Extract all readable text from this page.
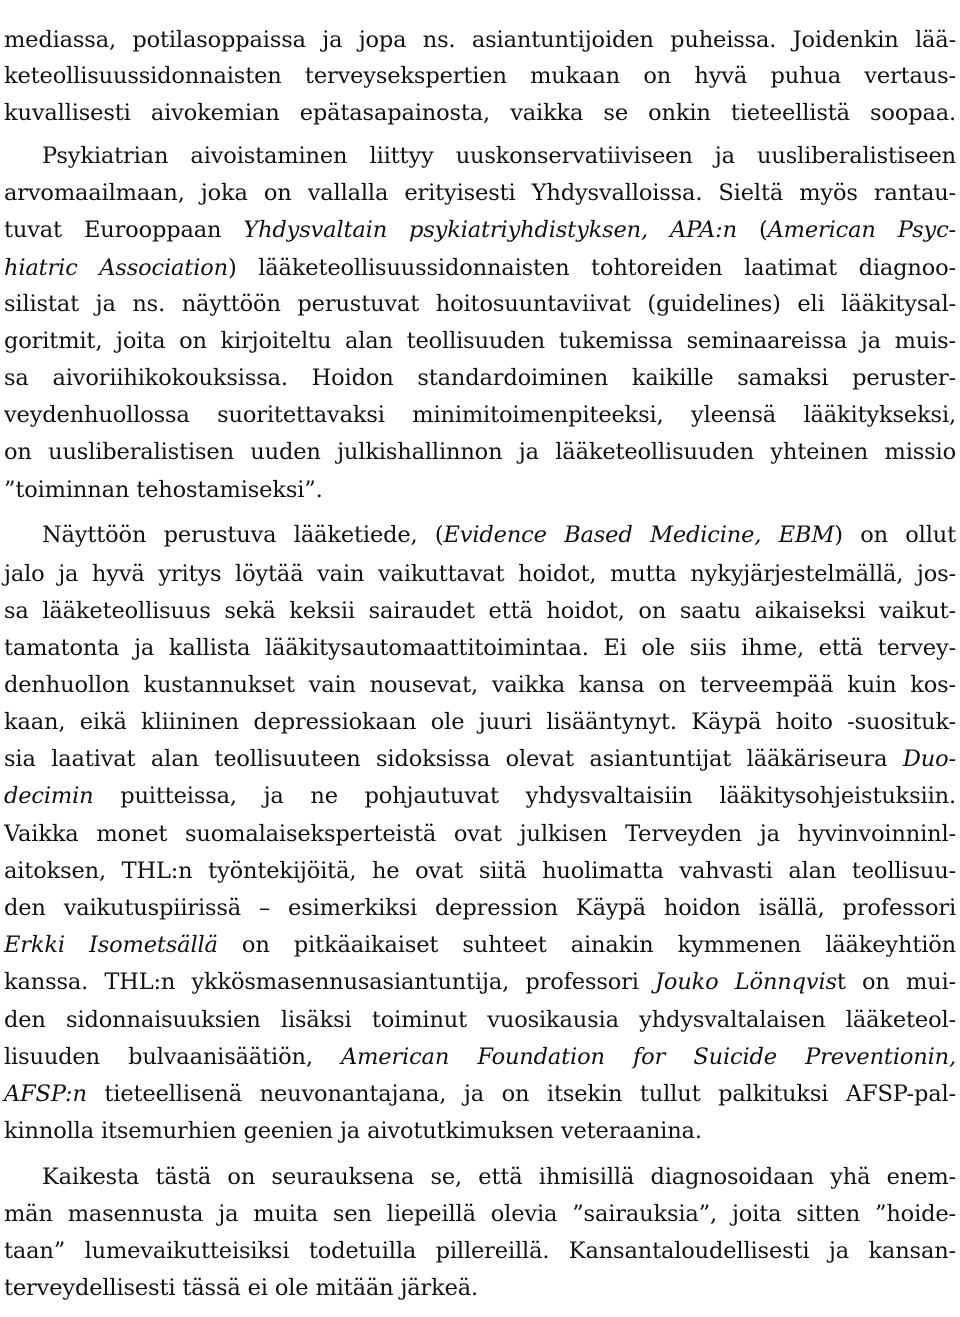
mediassa, potilasoppaissa ja jopa ns. asiantuntijoiden puheissa. Joidenkin lää-
keteollisuussidonnaisten terveysekspertien mukaan on hyvä puhua vertaus-
kuvallisesti aivokemian epätasapainosta, vaikka se onkin tieteellistä soopaa.
Psykiatrian aivoistaminen liittyy uuskonservatiiviseen ja uusliberalistiseen
arvomaailmaan, joka on vallalla erityisesti Yhdysvalloissa. Sieltä myös rantau-
tuvat Eurooppaan Yhdysvaltain psykiatriyhdistyksen, APA:n (American Psyc-
hiatric Association) lääketeollisuussidonnaisten tohtoreiden laatimat diagnoo-
silistat ja ns. näyttöön perustuvat hoitosuuntaviivat (guidelines) eli lääkitysal-
goritmit, joita on kirjoiteltu alan teollisuuden tukemissa seminaareissa ja muis-
sa aivoriihikokouksissa. Hoidon standardoiminen kaikille samaksi peruster-
veydenhuollossa suoritettavaksi minimitoimenpiteeksi, yleensä lääkitykseksi,
on uusliberalistisen uuden julkishallinnon ja lääketeollisuuden yhteinen missio
”toiminnan tehostamiseksi”.
Näyttöön perustuva lääketiede, (Evidence Based Medicine, EBM) on ollut
jalo ja hyvä yritys löytää vain vaikuttavat hoidot, mutta nykyjärjestelmällä, jos-
sa lääketeollisuus sekä keksii sairaudet että hoidot, on saatu aikaiseksi vaikut-
tamatonta ja kallista lääkitysautomaattitoimintaa. Ei ole siis ihme, että tervey-
denhuollon kustannukset vain nousevat, vaikka kansa on terveempää kuin kos-
kaan, eikä kliininen depressiokaan ole juuri lisääntynyt. Käypä hoito -suosituk-
sia laativat alan teollisuuteen sidoksissa olevat asiantuntijat lääkäriseura Duo-
decimin puitteissa, ja ne pohjautuvat yhdysvaltaisiin lääkitysohjeistuksiin.
Vaikka monet suomalaiseksperteistä ovat julkisen Terveyden ja hyvinvoinninl-
aitoksen, THL:n työntekijöitä, he ovat siitä huolimatta vahvasti alan teollisuu-
den vaikutuspiirissä – esimerkiksi depression Käypä hoidon isällä, professori
Erkki Isometsällä on pitkäaikaiset suhteet ainakin kymmenen lääkeyhtiön
kanssa. THL:n ykkösmasennusasiantuntija, professori Jouko Lönnqvist on mui-
den sidonnaisuuksien lisäksi toiminut vuosikausia yhdysvaltalaisen lääketeol-
lisuuden bulvaanisäätiön, American Foundation for Suicide Preventionin,
AFSP:n tieteellisenä neuvonantajana, ja on itsekin tullut palkituksi AFSP-pal-
kinnolla itsemurhien geenien ja aivotutkimuksen veteraanina.
Kaikesta tästä on seurauksena se, että ihmisillä diagnosoidaan yhä enem-
män masennusta ja muita sen liepeillä olevia ”sairauksia”, joita sitten ”hoide-
taan” lumevaikutteisiksi todetuilla pillereillä. Kansantaloudellisesti ja kansan-
terveydellisesti tässä ei ole mitään järkeä.
